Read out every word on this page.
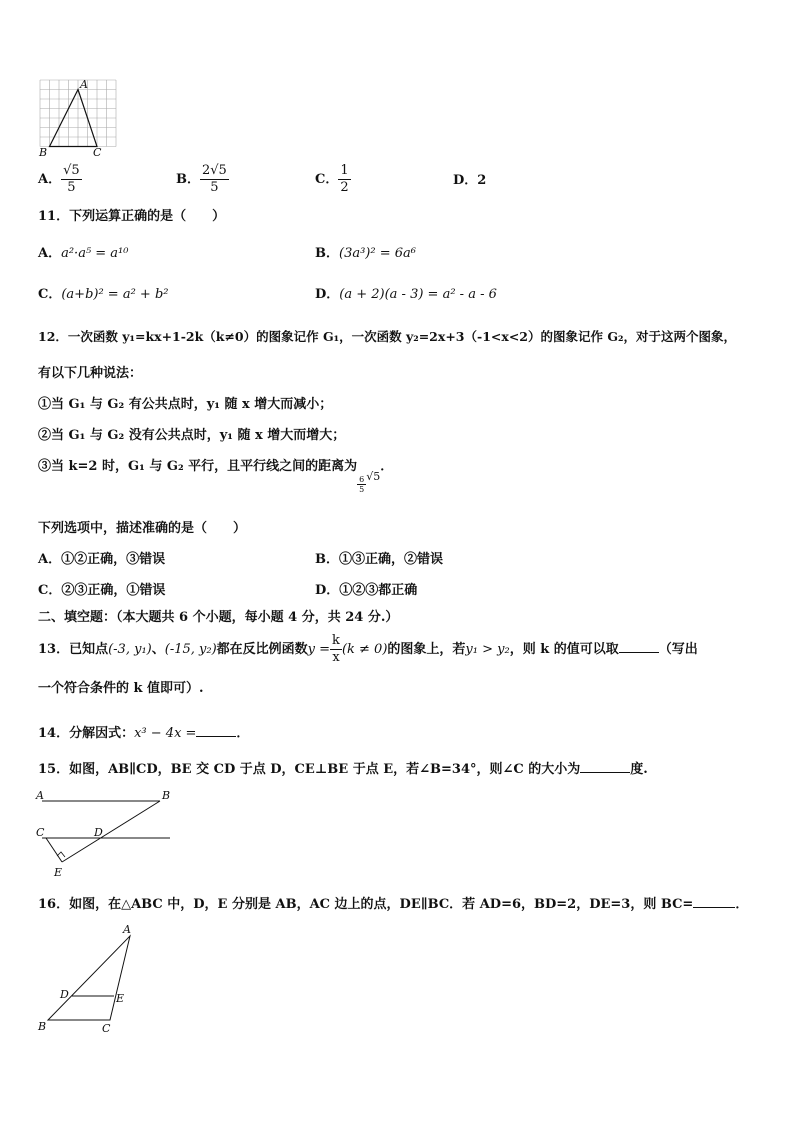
A
B	C
A． $\frac{√5}{5}$	B． $\frac{2√5}{5}$	C． $\frac{1}{2}$	D．2
11．下列运算正确的是（　　）
A．a²·a⁵ = a¹⁰	B．(3a³)² = 6a⁶
C．(a+b)² = a² + b²	D．(a + 2)(a - 3) = a² - a - 6
12．一次函数 y₁=kx+1-2k（k≠0）的图象记作 G₁，一次函数 y₂=2x+3（-1<x<2）的图象记作 G₂，对于这两个图象，
有以下几种说法：
①当 G₁ 与 G₂ 有公共点时，y₁ 随 x 增大而减小；
②当 G₁ 与 G₂ 没有公共点时，y₁ 随 x 增大而增大；
③当 k=2 时，G₁ 与 G₂ 平行，且平行线之间的距离为
$\frac{6}{5} _{√5}$．
下列选项中，描述准确的是（　　）
A．①②正确，③错误	B．①③正确，②错误
C．②③正确，①错误	D．①②③都正确
二、填空题：（本大题共 6 个小题，每小题 4 分，共 24 分.）
13．已知点(-3, y₁)、(-15, y₂)都在反比例函数$y = \frac{k}{x} (k \ne 0)$的图象上，若y₁ > y₂，则 k 的值可以取	（写出
一个符合条件的 k 值即可）.
14．分解因式：x³ − 4x =	．
15．如图，AB∥CD，BE 交 CD 于点 D，CE⊥BE 于点 E，若∠B=34°，则∠C 的大小为	度.
A	B
C	D
E
16．如图，在△ABC 中，D，E 分别是 AB，AC 边上的点，DE∥BC．若 AD=6，BD=2，DE=3，则 BC=	．
A
B	C
D	E
